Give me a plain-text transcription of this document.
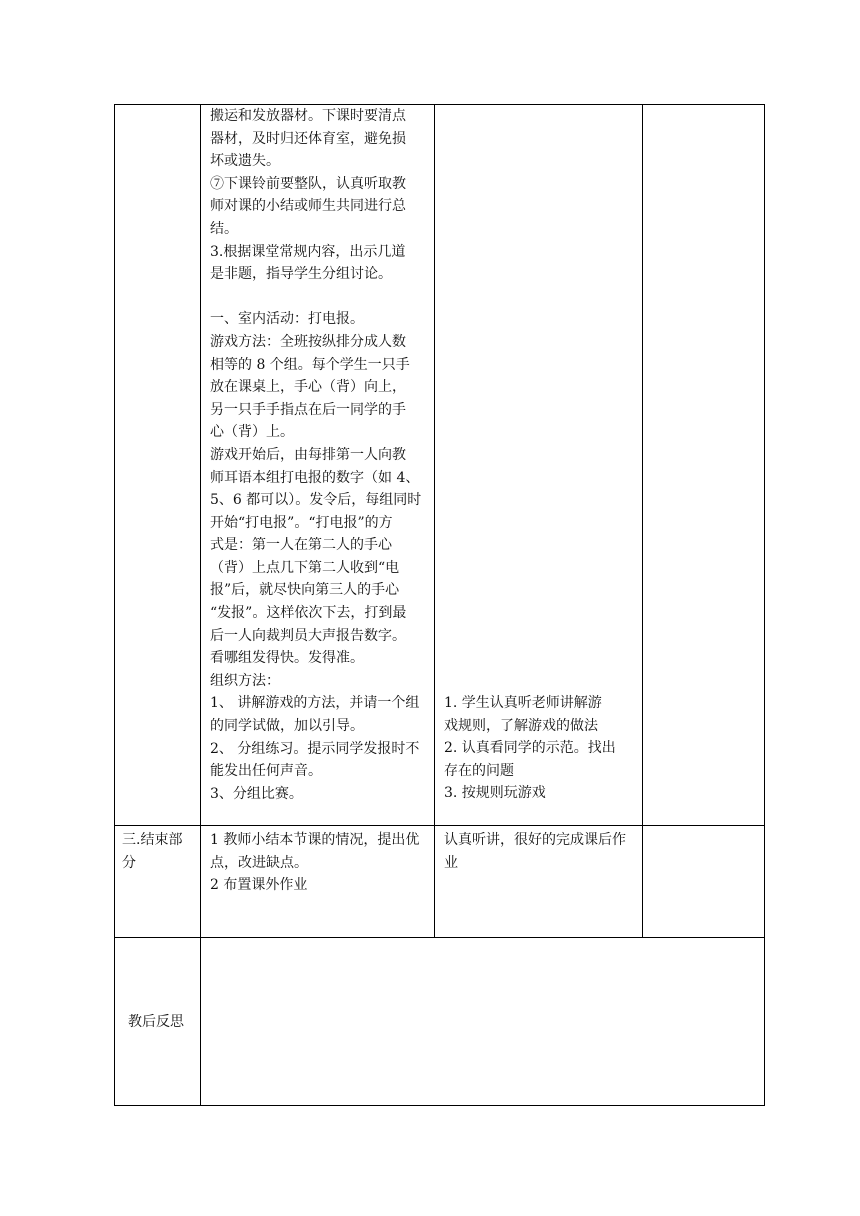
搬运和发放器材。下课时要清点

器材，及时归还体育室，避免损

坏或遗失。

⑦下课铃前要整队，认真听取教

师对课的小结或师生共同进行总

结。

3.根据课堂常规内容，出示几道

是非题，指导学生分组讨论。

一、室内活动：打电报。

游戏方法：全班按纵排分成人数

相等的 8 个组。每个学生一只手

放在课桌上，手心（背）向上，

另一只手手指点在后一同学的手

心（背）上。

游戏开始后，由每排第一人向教

师耳语本组打电报的数字（如 4、

5、6 都可以）。发令后，每组同时

开始“打电报”。“打电报”的方

式是：第一人在第二人的手心

（背）上点几下第二人收到“电

报”后，就尽快向第三人的手心

“发报”。这样依次下去，打到最

后一人向裁判员大声报告数字。

看哪组发得快。发得准。

组织方法：

1、 讲解游戏的方法，并请一个组

的同学试做，加以引导。

2、 分组练习。提示同学发报时不

能发出任何声音。

3、分组比赛。

1. 学生认真听老师讲解游

戏规则，了解游戏的做法

2. 认真看同学的示范。找出

存在的问题

3. 按规则玩游戏

三.结束部

分

1 教师小结本节课的情况，提出优

点，改进缺点。

2 布置课外作业

认真听讲，很好的完成课后作

业

教后反思
